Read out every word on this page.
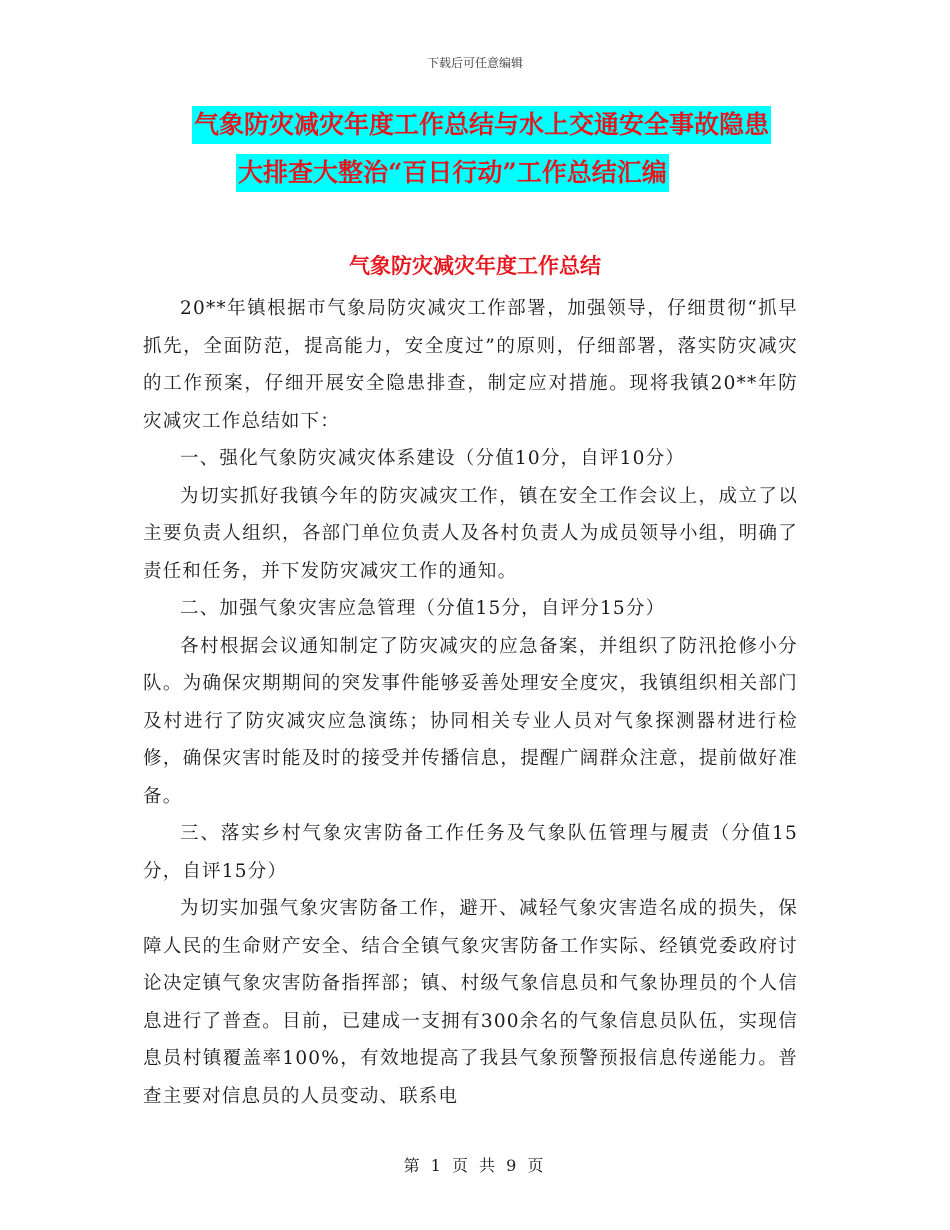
下载后可任意编辑
气象防灾减灾年度工作总结与水上交通安全事故隐患
大排查大整治“百日行动”工作总结汇编
气象防灾减灾年度工作总结

20**年镇根据市气象局防灾减灾工作部署，加强领导，仔细贯彻“抓早抓先，全面防范，提高能力，安全度过”的原则，仔细部署，落实防灾减灾的工作预案，仔细开展安全隐患排查，制定应对措施。现将我镇20**年防灾减灾工作总结如下：

一、强化气象防灾减灾体系建设（分值10分，自评10分）

为切实抓好我镇今年的防灾减灾工作，镇在安全工作会议上，成立了以主要负责人组织，各部门单位负责人及各村负责人为成员领导小组，明确了责任和任务，并下发防灾减灾工作的通知。

二、加强气象灾害应急管理（分值15分，自评分15分）

各村根据会议通知制定了防灾减灾的应急备案，并组织了防汛抢修小分队。为确保灾期期间的突发事件能够妥善处理安全度灾，我镇组织相关部门及村进行了防灾减灾应急演练；协同相关专业人员对气象探测器材进行检修，确保灾害时能及时的接受并传播信息，提醒广阔群众注意，提前做好准备。

三、落实乡村气象灾害防备工作任务及气象队伍管理与履责（分值15分，自评15分）

为切实加强气象灾害防备工作，避开、减轻气象灾害造名成的损失，保障人民的生命财产安全、结合全镇气象灾害防备工作实际、经镇党委政府讨论决定镇气象灾害防备指挥部；镇、村级气象信息员和气象协理员的个人信息进行了普查。目前，已建成一支拥有300余名的气象信息员队伍，实现信息员村镇覆盖率100%，有效地提高了我县气象预警预报信息传递能力。普查主要对信息员的人员变动、联系电

第 1 页 共 9 页
